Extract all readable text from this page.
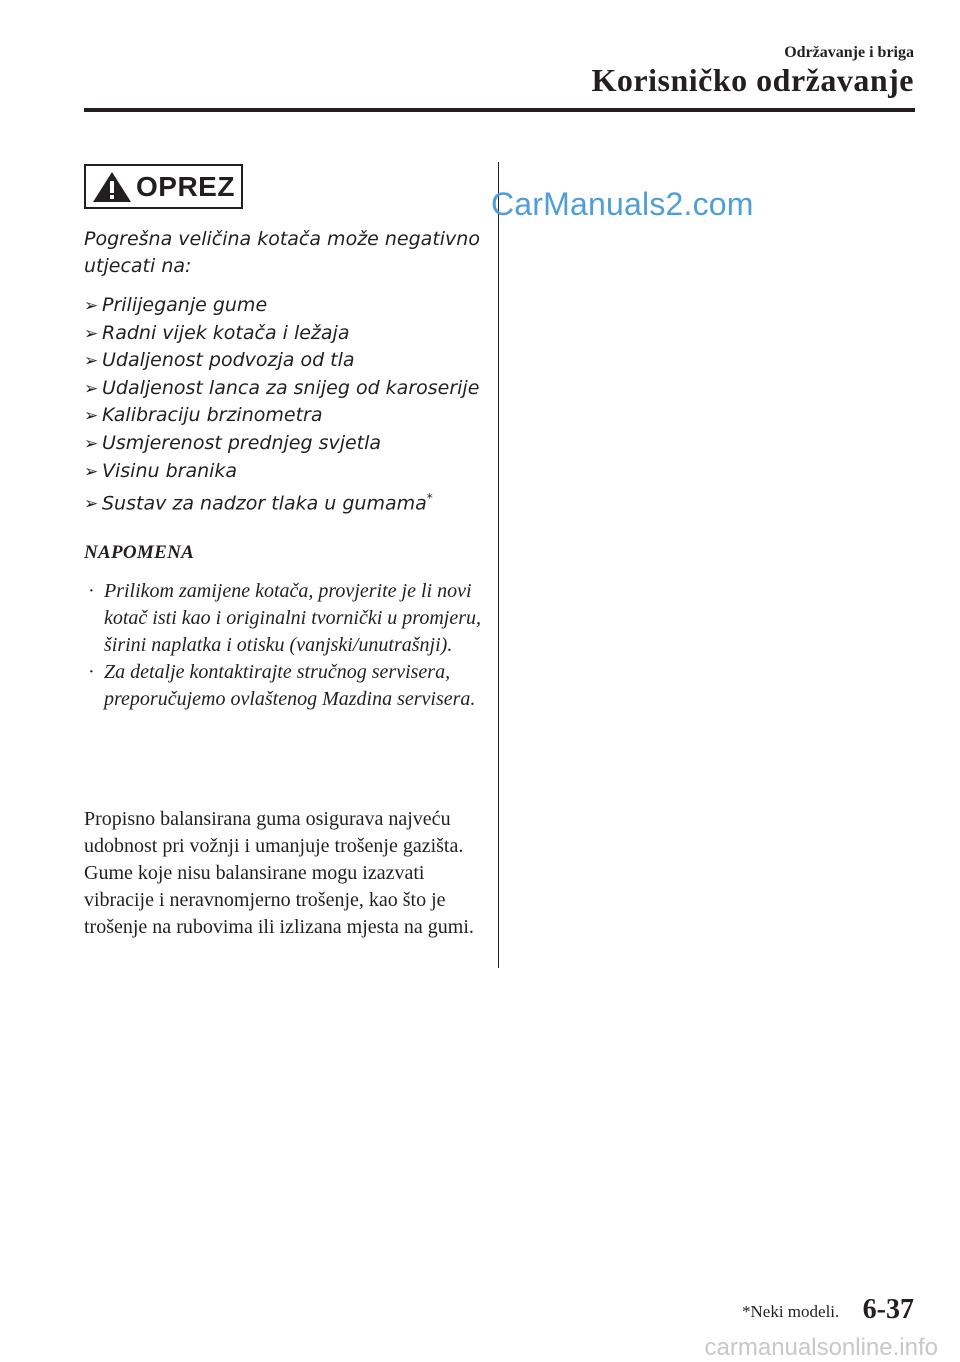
Održavanje i briga
Korisničko održavanje
CarManuals2.com
OPREZ
Pogrešna veličina kotača može negativno utjecati na:
➢ Prilijeganje gume
➢ Radni vijek kotača i ležaja
➢ Udaljenost podvozja od tla
➢ Udaljenost lanca za snijeg od karoserije
➢ Kalibraciju brzinometra
➢ Usmjerenost prednjeg svjetla
➢ Visinu branika
➢ Sustav za nadzor tlaka u gumama*
NAPOMENA
· Prilikom zamijene kotača, provjerite je li novi kotač isti kao i originalni tvornički u promjeru, širini naplatka i otisku (vanjski/unutrašnji).
· Za detalje kontaktirajte stručnog servisera, preporučujemo ovlaštenog Mazdina servisera.
Propisno balansirana guma osigurava najveću udobnost pri vožnji i umanjuje trošenje gazišta. Gume koje nisu balansirane mogu izazvati vibracije i neravnomjerno trošenje, kao što je trošenje na rubovima ili izlizana mjesta na gumi.
*Neki modeli. 6-37
carmanualsonline.info
